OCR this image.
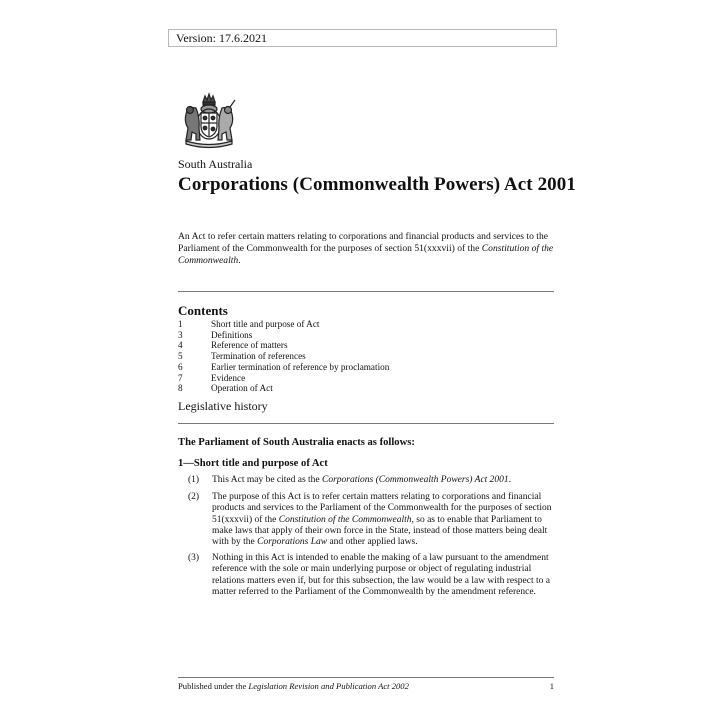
Version: 17.6.2021
South Australia
Corporations (Commonwealth Powers) Act 2001
An Act to refer certain matters relating to corporations and financial products and services to the Parliament of the Commonwealth for the purposes of section 51(xxxvii) of the Constitution of the Commonwealth.
Contents
1	Short title and purpose of Act
3	Definitions
4	Reference of matters
5	Termination of references
6	Earlier termination of reference by proclamation
7	Evidence
8	Operation of Act
Legislative history
The Parliament of South Australia enacts as follows:
1—Short title and purpose of Act
(1)	This Act may be cited as the Corporations (Commonwealth Powers) Act 2001.
(2)	The purpose of this Act is to refer certain matters relating to corporations and financial products and services to the Parliament of the Commonwealth for the purposes of section 51(xxxvii) of the Constitution of the Commonwealth, so as to enable that Parliament to make laws that apply of their own force in the State, instead of those matters being dealt with by the Corporations Law and other applied laws.
(3)	Nothing in this Act is intended to enable the making of a law pursuant to the amendment reference with the sole or main underlying purpose or object of regulating industrial relations matters even if, but for this subsection, the law would be a law with respect to a matter referred to the Parliament of the Commonwealth by the amendment reference.
Published under the Legislation Revision and Publication Act 2002	1
